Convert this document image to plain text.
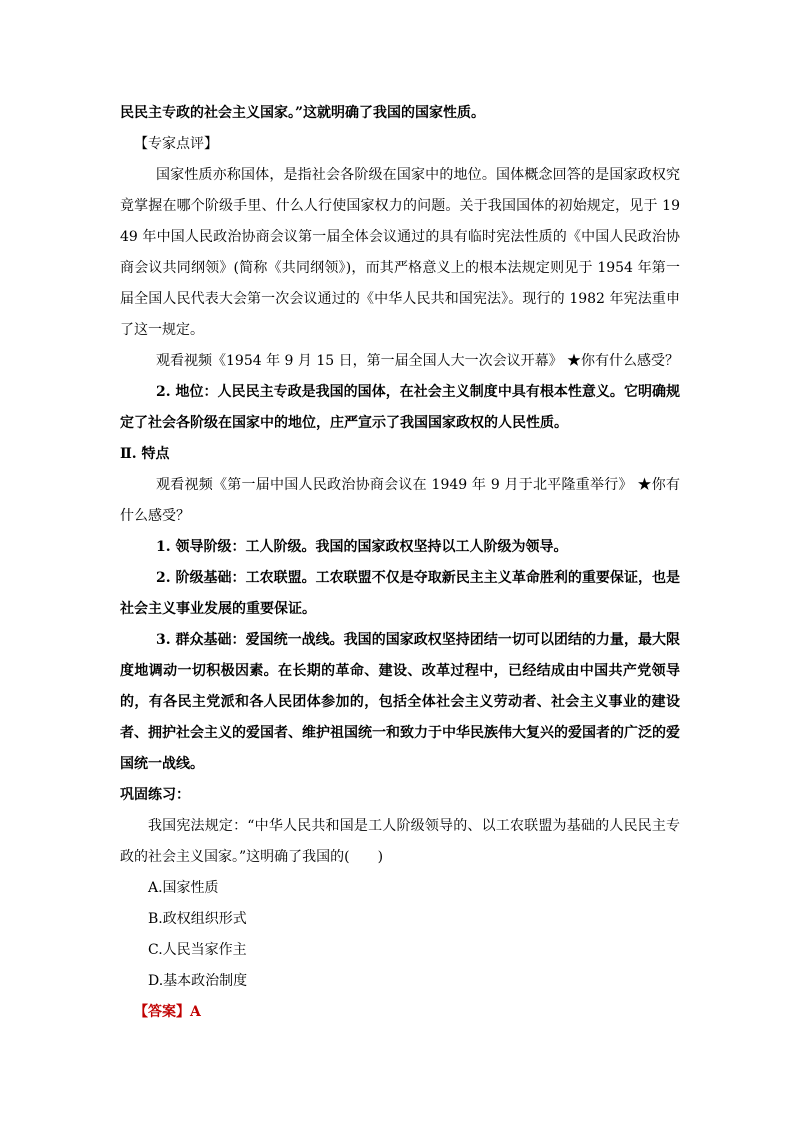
民民主专政的社会主义国家。”这就明确了我国的国家性质。

【专家点评】

国家性质亦称国体，是指社会各阶级在国家中的地位。国体概念回答的是国家政权究竟掌握在哪个阶级手里、什么人行使国家权力的问题。关于我国国体的初始规定，见于 1949 年中国人民政治协商会议第一届全体会议通过的具有临时宪法性质的《中国人民政治协商会议共同纲领》(简称《共同纲领》)，而其严格意义上的根本法规定则见于 1954 年第一届全国人民代表大会第一次会议通过的《中华人民共和国宪法》。现行的 1982 年宪法重申了这一规定。

观看视频《1954 年 9 月 15 日，第一届全国人大一次会议开幕》 ★你有什么感受？

2. 地位：人民民主专政是我国的国体，在社会主义制度中具有根本性意义。它明确规定了社会各阶级在国家中的地位，庄严宣示了我国国家政权的人民性质。

Ⅱ. 特点

观看视频《第一届中国人民政治协商会议在 1949 年 9 月于北平隆重举行》 ★你有什么感受？

1. 领导阶级：工人阶级。我国的国家政权坚持以工人阶级为领导。

2. 阶级基础：工农联盟。工农联盟不仅是夺取新民主主义革命胜利的重要保证，也是社会主义事业发展的重要保证。

3. 群众基础：爱国统一战线。我国的国家政权坚持团结一切可以团结的力量，最大限度地调动一切积极因素。在长期的革命、建设、改革过程中，已经结成由中国共产党领导的，有各民主党派和各人民团体参加的，包括全体社会主义劳动者、社会主义事业的建设者、拥护社会主义的爱国者、维护祖国统一和致力于中华民族伟大复兴的爱国者的广泛的爱国统一战线。

巩固练习：

我国宪法规定：“中华人民共和国是工人阶级领导的、以工农联盟为基础的人民民主专政的社会主义国家。”这明确了我国的(　　)

A.国家性质

B.政权组织形式

C.人民当家作主

D.基本政治制度

【答案】A
